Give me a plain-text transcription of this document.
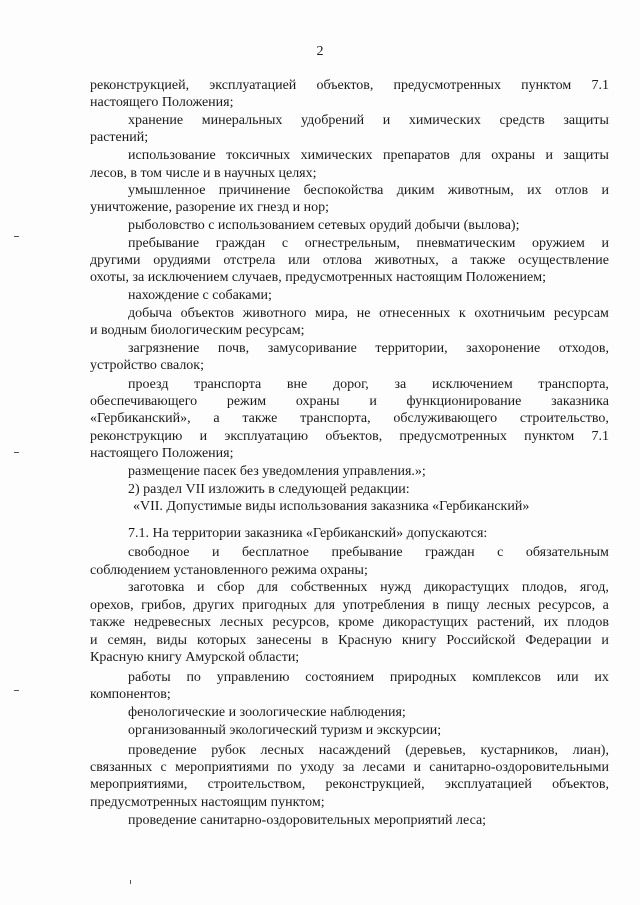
2
реконструкцией, эксплуатацией объектов, предусмотренных пунктом 7.1
настоящего Положения;
хранение минеральных удобрений и химических средств защиты
растений;
использование токсичных химических препаратов для охраны и защиты
лесов, в том числе и в научных целях;
умышленное причинение беспокойства диким животным, их отлов и
уничтожение, разорение их гнезд и нор;
рыболовство с использованием сетевых орудий добычи (вылова);
пребывание граждан с огнестрельным, пневматическим оружием и
другими орудиями отстрела или отлова животных, а также осуществление
охоты, за исключением случаев, предусмотренных настоящим Положением;
нахождение с собаками;
добыча объектов животного мира, не отнесенных к охотничьим ресурсам
и водным биологическим ресурсам;
загрязнение почв, замусоривание территории, захоронение отходов,
устройство свалок;
проезд транспорта вне дорог, за исключением транспорта,
обеспечивающего режим охраны и функционирование заказника
«Гербиканский», а также транспорта, обслуживающего строительство,
реконструкцию и эксплуатацию объектов, предусмотренных пунктом 7.1
настоящего Положения;
размещение пасек без уведомления управления.»;
2) раздел VII изложить в следующей редакции:
«VII. Допустимые виды использования заказника «Гербиканский»
7.1. На территории заказника «Гербиканский» допускаются:
свободное и бесплатное пребывание граждан с обязательным
соблюдением установленного режима охраны;
заготовка и сбор для собственных нужд дикорастущих плодов, ягод,
орехов, грибов, других пригодных для употребления в пищу лесных ресурсов, а
также недревесных лесных ресурсов, кроме дикорастущих растений, их плодов
и семян, виды которых занесены в Красную книгу Российской Федерации и
Красную книгу Амурской области;
работы по управлению состоянием природных комплексов или их
компонентов;
фенологические и зоологические наблюдения;
организованный экологический туризм и экскурсии;
проведение рубок лесных насаждений (деревьев, кустарников, лиан),
связанных с мероприятиями по уходу за лесами и санитарно-оздоровительными
мероприятиями, строительством, реконструкцией, эксплуатацией объектов,
предусмотренных настоящим пунктом;
проведение санитарно-оздоровительных мероприятий леса;
